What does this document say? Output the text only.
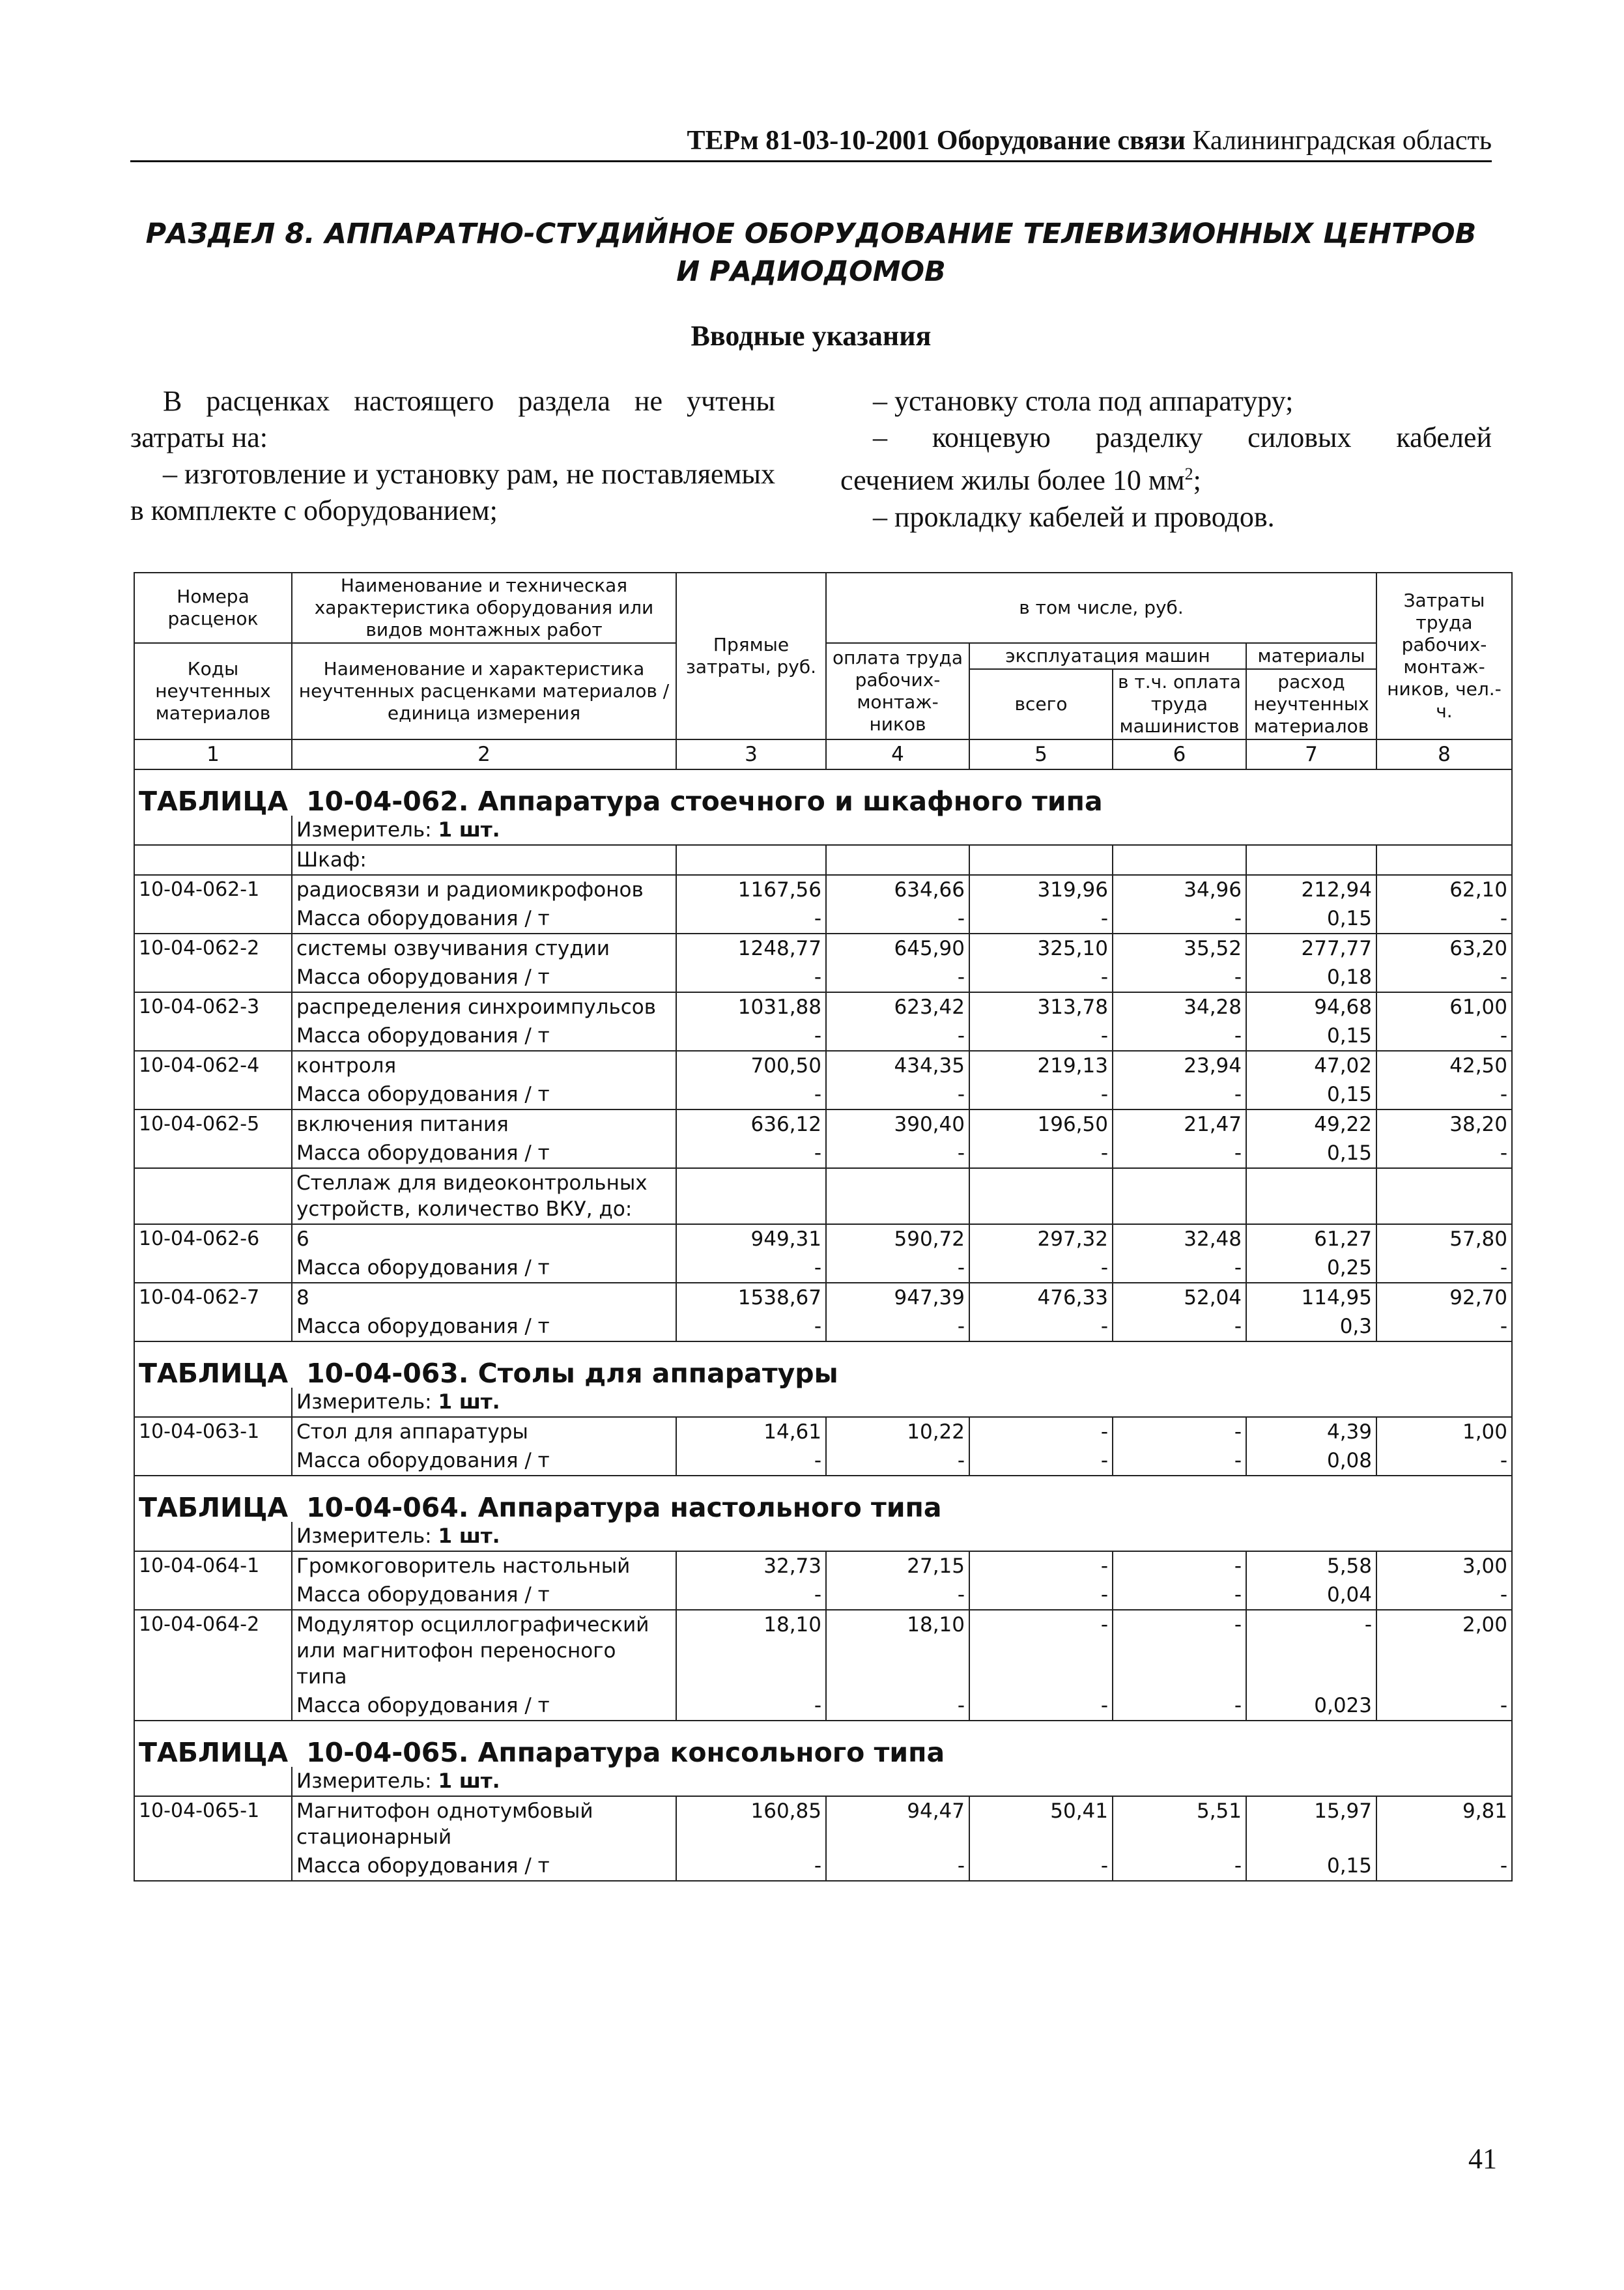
ТЕРм 81-03-10-2001 Оборудование связи Калининградская область
РАЗДЕЛ 8. АППАРАТНО-СТУДИЙНОЕ ОБОРУДОВАНИЕ ТЕЛЕВИЗИОННЫХ ЦЕНТРОВ
И РАДИОДОМОВ
Вводные указания

В расценках настоящего раздела не учтены затраты на:

– изготовление и установку рам, не поставляемых в комплекте с оборудованием;

– установку стола под аппаратуру;

– концевую разделку силовых кабелей

сечением жилы более 10 $мм^2$;

– прокладку кабелей и проводов.

Номера расценок	Наименование и техническая характеристика оборудования или видов монтажных работ	Прямые затраты, руб.	в том числе, руб.				Затраты труда рабочих-монтаж-ников, чел.-ч.
Коды неучтенных материалов	Наименование и характеристика неучтенных расценками материалов / единица измерения		оплата труда рабочих-монтаж-ников	эксплуатация машин		материалы	
				всего	в т.ч. оплата труда машинистов	расход неучтенных материалов	
1	2	3	4	5	6	7	8
ТАБЛИЦА 10-04-062. Аппаратура стоечного и шкафного типа							
	Измеритель: 1 шт.						
	Шкаф:						
10-04-062-1	радиосвязи и радиомикрофонов	1167,56	634,66	319,96	34,96	212,94	62,10
	Масса оборудования / т	-	-	-	-	0,15	-
10-04-062-2	системы озвучивания студии	1248,77	645,90	325,10	35,52	277,77	63,20
	Масса оборудования / т	-	-	-	-	0,18	-
10-04-062-3	распределения синхроимпульсов	1031,88	623,42	313,78	34,28	94,68	61,00
	Масса оборудования / т	-	-	-	-	0,15	-
10-04-062-4	контроля	700,50	434,35	219,13	23,94	47,02	42,50
	Масса оборудования / т	-	-	-	-	0,15	-
10-04-062-5	включения питания	636,12	390,40	196,50	21,47	49,22	38,20
	Масса оборудования / т	-	-	-	-	0,15	-
	Стеллаж для видеоконтрольных устройств, количество ВКУ, до:						
10-04-062-6	6	949,31	590,72	297,32	32,48	61,27	57,80
	Масса оборудования / т	-	-	-	-	0,25	-
10-04-062-7	8	1538,67	947,39	476,33	52,04	114,95	92,70
	Масса оборудования / т	-	-	-	-	0,3	-
ТАБЛИЦА 10-04-063. Столы для аппаратуры							
	Измеритель: 1 шт.						
10-04-063-1	Стол для аппаратуры	14,61	10,22	-	-	4,39	1,00
	Масса оборудования / т	-	-	-	-	0,08	-
ТАБЛИЦА 10-04-064. Аппаратура настольного типа							
	Измеритель: 1 шт.						
10-04-064-1	Громкоговоритель настольный	32,73	27,15	-	-	5,58	3,00
	Масса оборудования / т	-	-	-	-	0,04	-
10-04-064-2	Модулятор осциллографический или магнитофон переносного типа	18,10	18,10	-	-	-	2,00
	Масса оборудования / т	-	-	-	-	0,023	-
ТАБЛИЦА 10-04-065. Аппаратура консольного типа							
	Измеритель: 1 шт.						
10-04-065-1	Магнитофон однотумбовый стационарный	160,85	94,47	50,41	5,51	15,97	9,81
	Масса оборудования / т	-	-	-	-	0,15	-
41
